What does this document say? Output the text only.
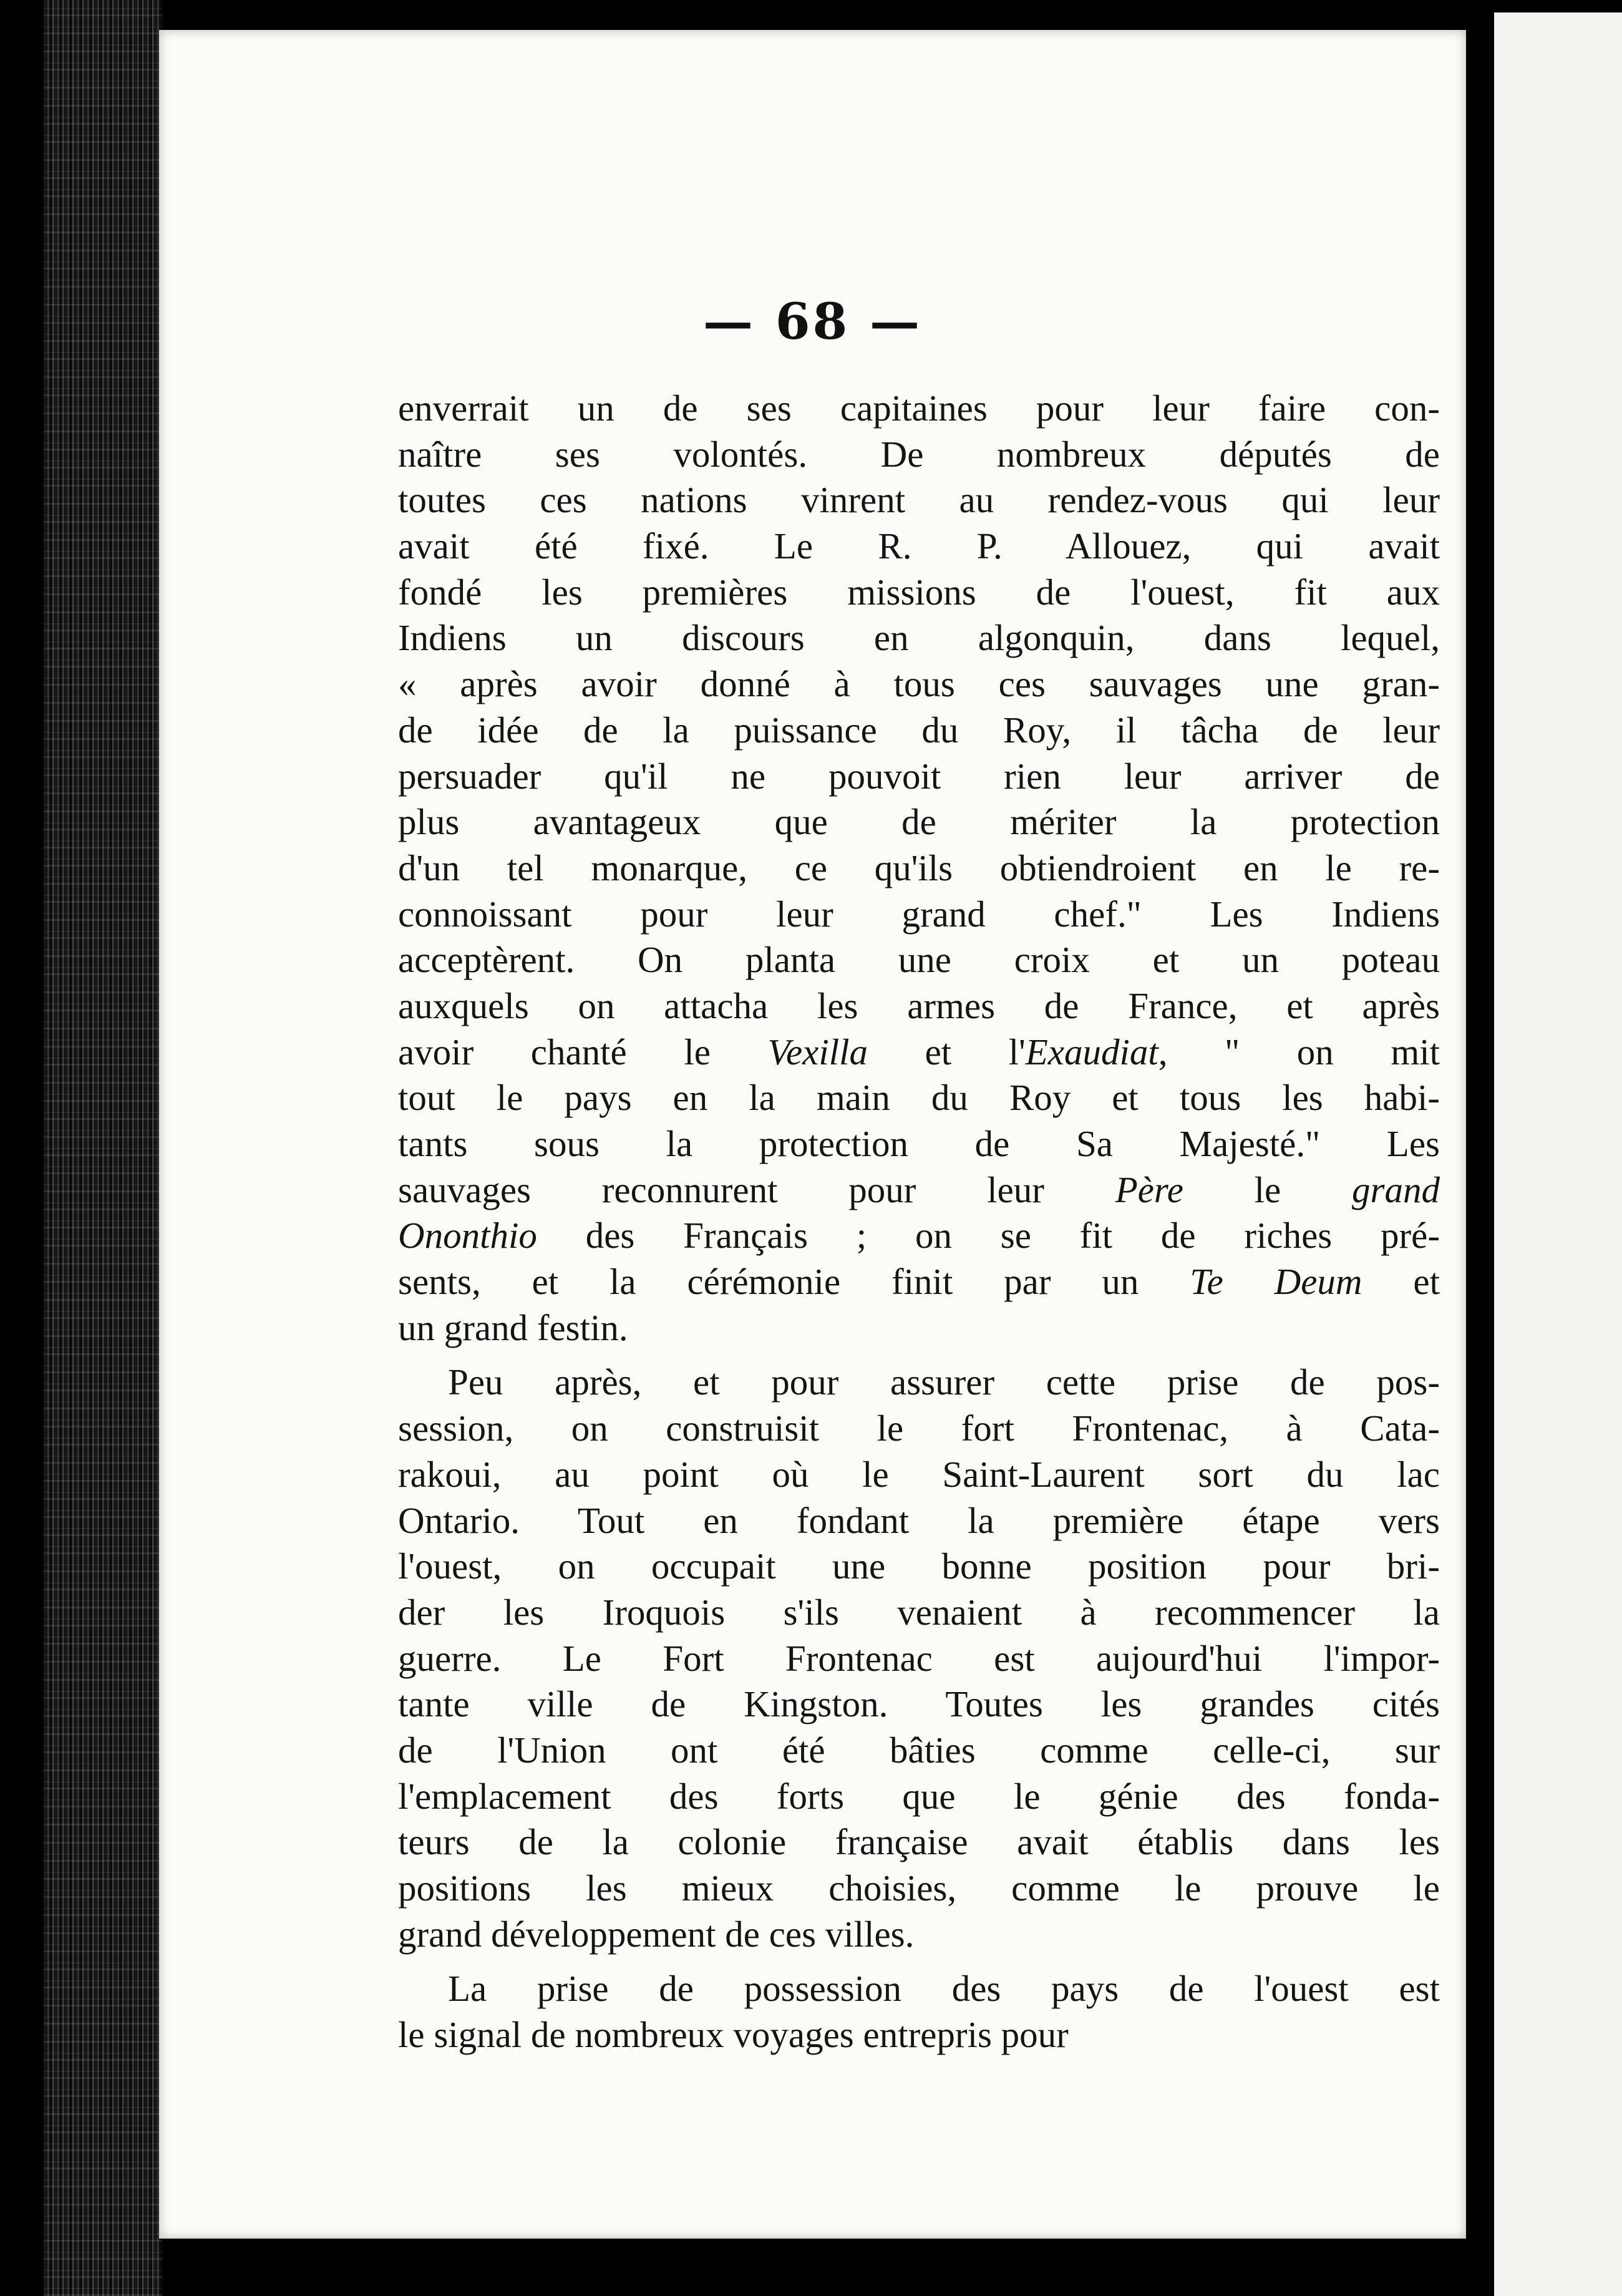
— 68 —
enverrait un de ses capitaines pour leur faire con-
naître ses volontés. De nombreux députés de
toutes ces nations vinrent au rendez-vous qui leur
avait été fixé. Le R. P. Allouez, qui avait
fondé les premières missions de l'ouest, fit aux
Indiens un discours en algonquin, dans lequel,
« après avoir donné à tous ces sauvages une gran-
de idée de la puissance du Roy, il tâcha de leur
persuader qu'il ne pouvoit rien leur arriver de
plus avantageux que de mériter la protection
d'un tel monarque, ce qu'ils obtiendroient en le re-
connoissant pour leur grand chef." Les Indiens
acceptèrent. On planta une croix et un poteau
auxquels on attacha les armes de France, et après
avoir chanté le Vexilla et l'Exaudiat, " on mit
tout le pays en la main du Roy et tous les habi-
tants sous la protection de Sa Majesté." Les
sauvages reconnurent pour leur Père le grand
Ononthio des Français ; on se fit de riches pré-
sents, et la cérémonie finit par un Te Deum et
un grand festin.
Peu après, et pour assurer cette prise de pos-
session, on construisit le fort Frontenac, à Cata-
rakoui, au point où le Saint-Laurent sort du lac
Ontario. Tout en fondant la première étape vers
l'ouest, on occupait une bonne position pour bri-
der les Iroquois s'ils venaient à recommencer la
guerre. Le Fort Frontenac est aujourd'hui l'impor-
tante ville de Kingston. Toutes les grandes cités
de l'Union ont été bâties comme celle-ci, sur
l'emplacement des forts que le génie des fonda-
teurs de la colonie française avait établis dans les
positions les mieux choisies, comme le prouve le
grand développement de ces villes.
La prise de possession des pays de l'ouest est
le signal de nombreux voyages entrepris pour
